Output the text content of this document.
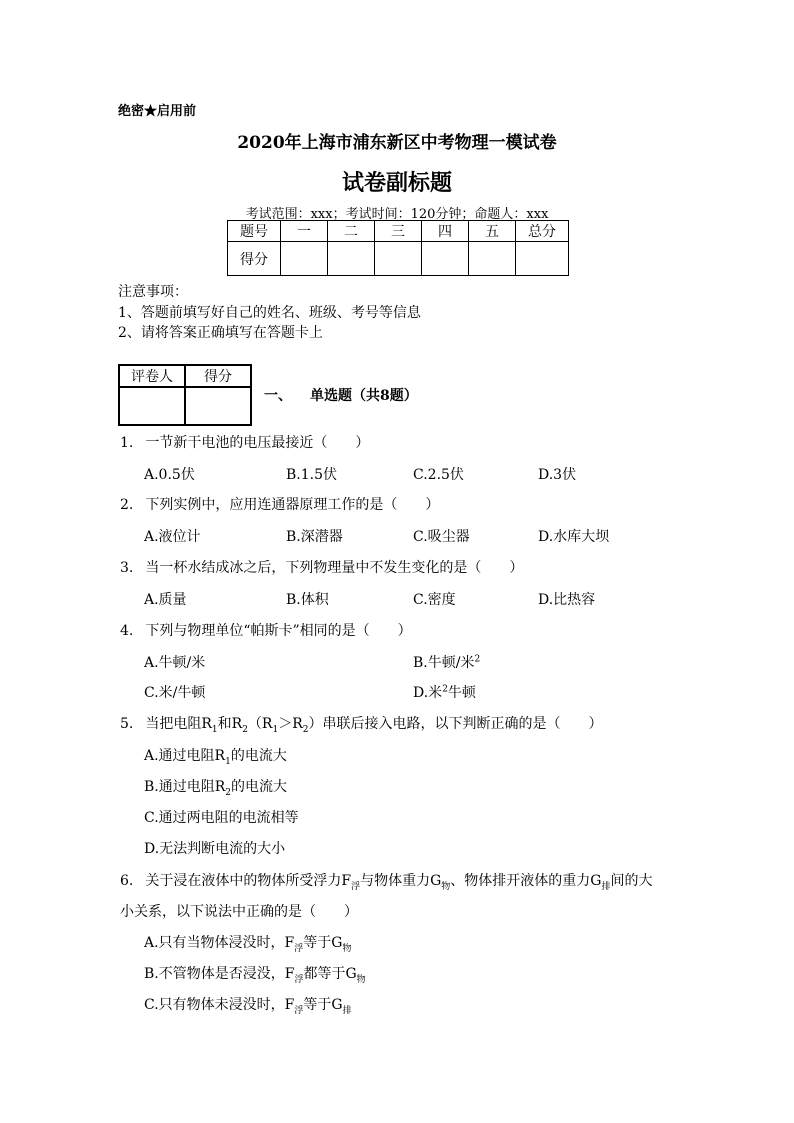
绝密★启用前
2020年上海市浦东新区中考物理一模试卷
试卷副标题
考试范围：xxx；考试时间：120分钟；命题人：xxx
题号	一	二	三	四	五	总分
得分						
注意事项：
1、答题前填写好自己的姓名、班级、考号等信息
2、请将答案正确填写在答题卡上
评卷人	得分

一、 单选题（共8题）
1. 一节新干电池的电压最接近（　　）
A.0.5伏	B.1.5伏	C.2.5伏	D.3伏
2. 下列实例中，应用连通器原理工作的是（　　）
A.液位计	B.深潜器	C.吸尘器	D.水库大坝
3. 当一杯水结成冰之后，下列物理量中不发生变化的是（　　）
A.质量	B.体积	C.密度	D.比热容
4. 下列与物理单位“帕斯卡”相同的是（　　）
A.牛顿/米	B.牛顿/米$^2$
C.米/牛顿	D.米$^2$牛顿
5. 当把电阻$R_1$和$R_2(R_1>R_2)$串联后接入电路，以下判断正确的是（　　）
A.通过电阻$R_1$的电流大
B.通过电阻$R_2$的电流大
C.通过两电阻的电流相等
D.无法判断电流的大小
6. 关于浸在液体中的物体所受浮力$F_浮$与物体重力$G_物$、物体排开液体的重力$G_排$间的大
小关系，以下说法中正确的是（　　）
A.只有当物体浸没时，$F_浮$等于$G_物$
B.不管物体是否浸没，$F_浮$都等于$G_物$
C.只有物体未浸没时，$F_浮$等于$G_排$
